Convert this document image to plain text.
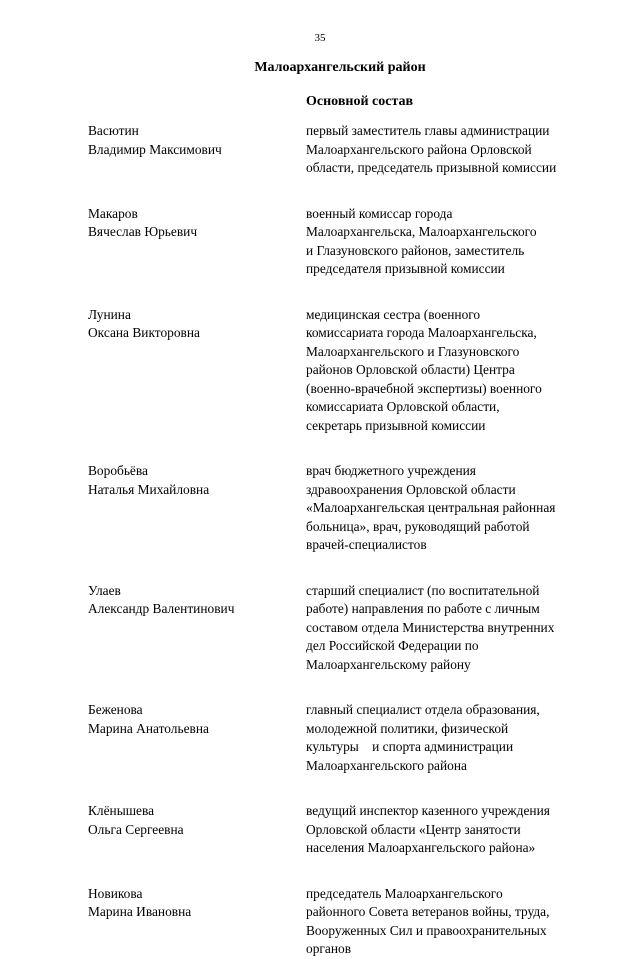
35
Малоархангельский район
Основной состав
Васютин
Владимир Максимович
первый заместитель главы администрации
Малоархангельского района Орловской
области, председатель призывной комиссии
Макаров
Вячеслав Юрьевич
военный комиссар города
Малоархангельска, Малоархангельского
и Глазуновского районов, заместитель
председателя призывной комиссии
Лунина
Оксана Викторовна
медицинская сестра (военного
комиссариата города Малоархангельска,
Малоархангельского и Глазуновского
районов Орловской области) Центра
(военно-врачебной экспертизы) военного
комиссариата Орловской области,
секретарь призывной комиссии
Воробьёва
Наталья Михайловна
врач бюджетного учреждения
здравоохранения Орловской области
«Малоархангельская центральная районная
больница», врач, руководящий работой
врачей-специалистов
Улаев
Александр Валентинович
старший специалист (по воспитательной
работе) направления по работе с личным
составом отдела Министерства внутренних
дел Российской Федерации по
Малоархангельскому району
Беженова
Марина Анатольевна
главный специалист отдела образования,
молодежной политики, физической
культуры    и спорта администрации
Малоархангельского района
Клёнышева
Ольга Сергеевна
ведущий инспектор казенного учреждения
Орловской области «Центр занятости
населения Малоархангельского района»
Новикова
Марина Ивановна
председатель Малоархангельского
районного Совета ветеранов войны, труда,
Вооруженных Сил и правоохранительных
органов
